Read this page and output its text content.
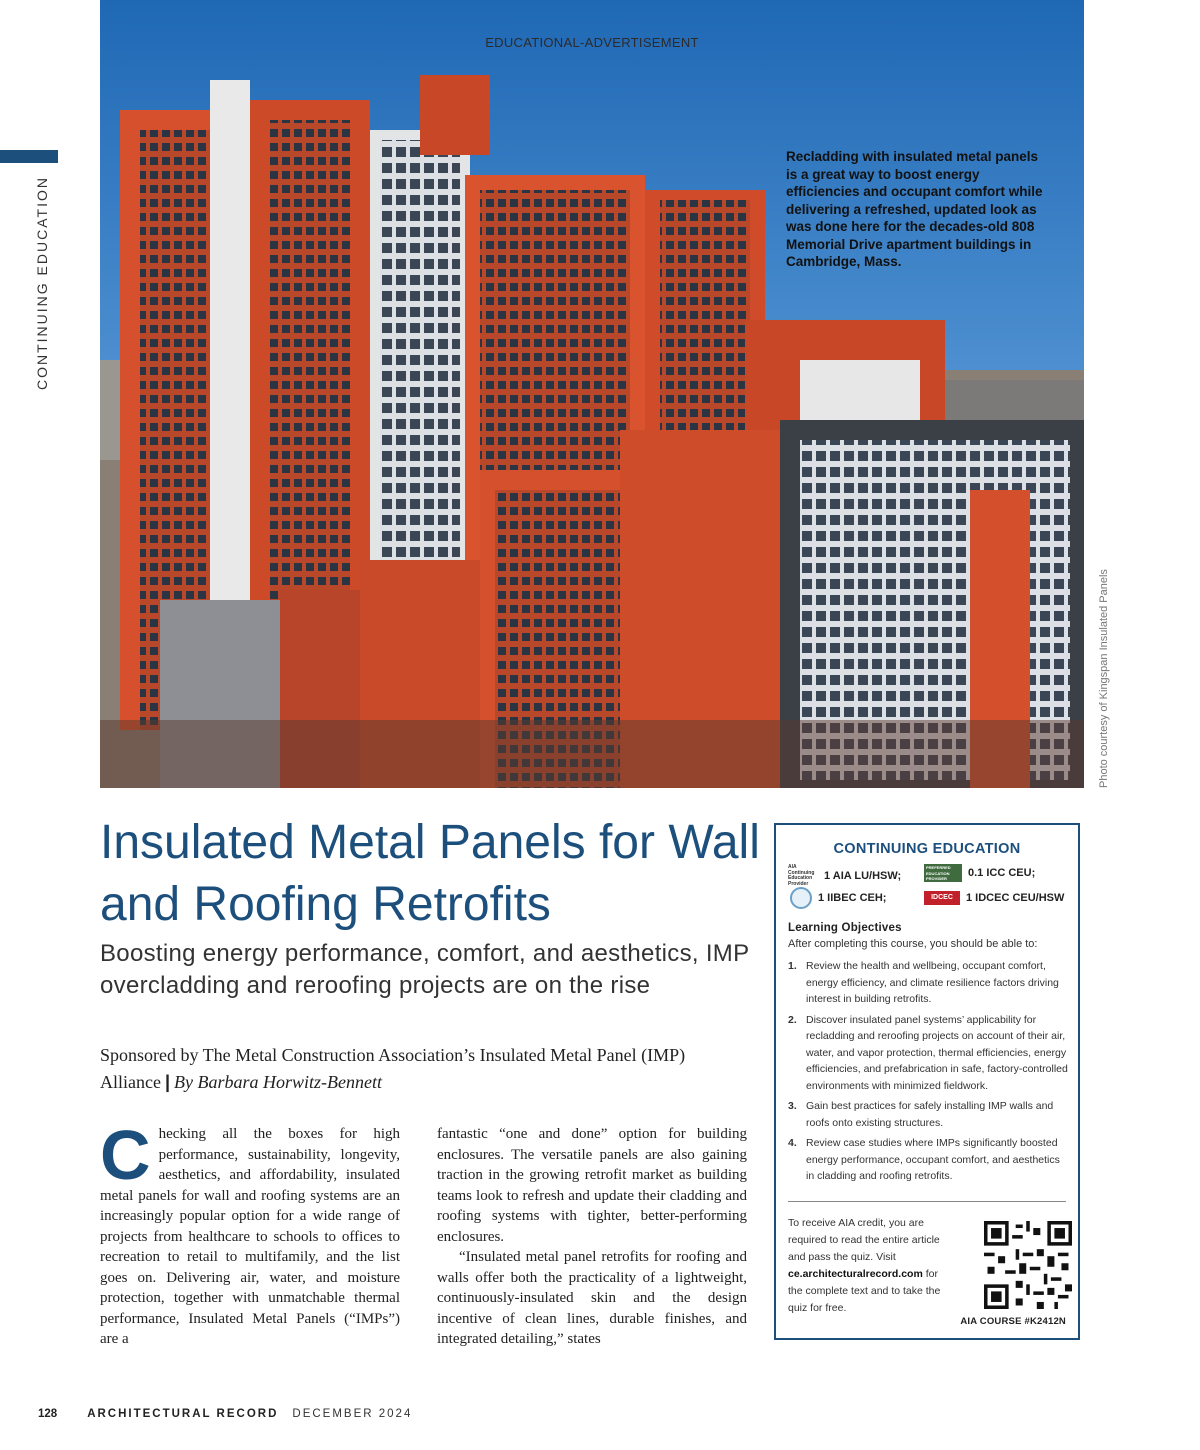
CONTINUING EDUCATION
EDUCATIONAL-ADVERTISEMENT
Recladding with insulated metal panels is a great way to boost energy efficiencies and occupant comfort while delivering a refreshed, updated look as was done here for the decades-old 808 Memorial Drive apartment buildings in Cambridge, Mass.
Photo courtesy of Kingspan Insulated Panels
Insulated Metal Panels for Wall and Roofing Retrofits

Boosting energy performance, comfort, and aesthetics, IMP overcladding and reroofing projects are on the rise

Sponsored by The Metal Construction Association’s Insulated Metal Panel (IMP) Alliance | By Barbara Horwitz-Bennett

Checking all the boxes for high performance, sustainability, longevity, aesthetics, and affordability, insulated metal panels for wall and roofing systems are an increasingly popular option for a wide range of projects from healthcare to schools to offices to recreation to retail to multifamily, and the list goes on. Delivering air, water, and moisture protection, together with unmatchable thermal performance, Insulated Metal Panels (“IMPs”) are a

fantastic “one and done” option for building enclosures. The versatile panels are also gaining traction in the growing retrofit market as building teams look to refresh and update their cladding and roofing systems with tighter, better-performing enclosures.

“Insulated metal panel retrofits for roofing and walls offer both the practicality of a lightweight, continuously-insulated skin and the design incentive of clean lines, durable finishes, and integrated detailing,” states

CONTINUING EDUCATION
AIA Continuing Education Provider
1 AIA LU/HSW;
PREFERRED EDUCATION PROVIDER	0.1 ICC CEU;
1 IIBEC CEH;	IDCEC	1 IDCEC CEU/HSW
Learning Objectives
After completing this course, you should be able to:
1. Review the health and wellbeing, occupant comfort, energy efficiency, and climate resilience factors driving interest in building retrofits.
2. Discover insulated panel systems’ applicability for recladding and reroofing projects on account of their air, water, and vapor protection, thermal efficiencies, energy efficiencies, and prefabrication in safe, factory-controlled environments with minimized fieldwork.
3. Gain best practices for safely installing IMP walls and roofs onto existing structures.
4. Review case studies where IMPs significantly boosted energy performance, occupant comfort, and aesthetics in cladding and roofing retrofits.
To receive AIA credit, you are required to read the entire article and pass the quiz. Visit ce.architecturalrecord.com for the complete text and to take the quiz for free.
AIA COURSE #K2412N
128	ARCHITECTURAL RECORD DECEMBER 2024
